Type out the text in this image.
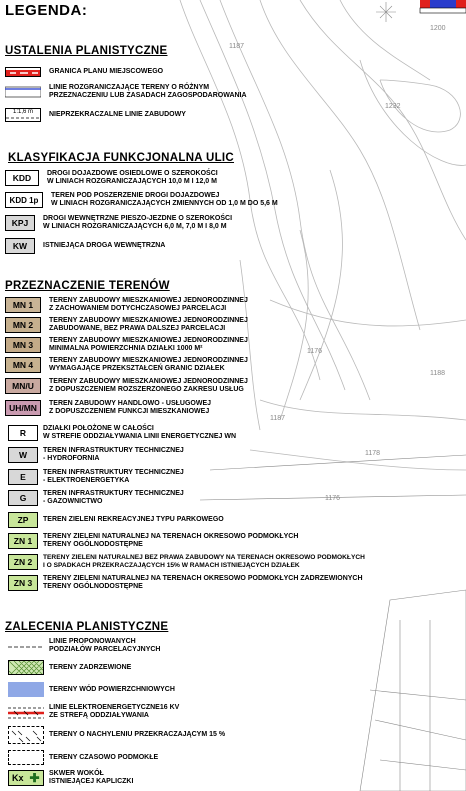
1187
1200
1232
1176
1176
1178
1187
1188
LEGENDA:
USTALENIA PLANISTYCZNE
GRANICA PLANU MIEJSCOWEGO
LINIE ROZGRANICZAJĄCE TERENY O RÓŻNYM
PRZEZNACZENIU LUB ZASADACH ZAGOSPODAROWANIA
1:1,6 m NIEPRZEKRACZALNE LINIE ZABUDOWY
KLASYFIKACJA FUNKCJONALNA ULIC
KDD	DROGI DOJAZDOWE OSIEDLOWE O SZEROKOŚCI
W LINIACH ROZGRANICZAJĄCYCH 10,0 M I 12,0 M
KDD 1p	TEREN POD POSZERZENIE DROGI DOJAZDOWEJ
W LINIACH ROZGRANICZAJĄCYCH ZMIENNYCH OD 1,0 M DO 5,6 M
KPJ	DROGI WEWNĘTRZNE PIESZO-JEZDNE O SZEROKOŚCI
W LINIACH ROZGRANICZAJĄCYCH 6,0 M, 7,0 M I 8,0 M
KW	ISTNIEJĄCA DROGA WEWNĘTRZNA
PRZEZNACZENIE TERENÓW
MN 1	TERENY ZABUDOWY MIESZKANIOWEJ JEDNORODZINNEJ
Z ZACHOWANIEM DOTYCHCZASOWEJ PARCELACJI
MN 2	TERENY ZABUDOWY MIESZKANIOWEJ JEDNORODZINNEJ
ZABUDOWANE, BEZ PRAWA DALSZEJ PARCELACJI
MN 3	TERENY ZABUDOWY MIESZKANIOWEJ JEDNORODZINNEJ
MINIMALNA POWIERZCHNIA DZIAŁKI 1000 M²
MN 4	TERENY ZABUDOWY MIESZKANIOWEJ JEDNORODZINNEJ
WYMAGAJĄCE PRZEKSZTAŁCEŃ GRANIC DZIAŁEK
MN/U	TERENY ZABUDOWY MIESZKANIOWEJ JEDNORODZINNEJ
Z DOPUSZCZENIEM ROZSZERZONEGO ZAKRESU USŁUG
UH/MN	TEREN ZABUDOWY HANDLOWO - USŁUGOWEJ
Z DOPUSZCZENIEM FUNKCJI MIESZKANIOWEJ
R	DZIAŁKI POŁOŻONE W CAŁOŚCI
W STREFIE ODDZIAŁYWANIA LINII ENERGETYCZNEJ WN
W	TEREN INFRASTRUKTURY TECHNICZNEJ
- HYDROFORNIA
E	TEREN INFRASTRUKTURY TECHNICZNEJ
- ELEKTROENERGETYKA
G	TEREN INFRASTRUKTURY TECHNICZNEJ
- GAZOWNICTWO
ZP	TEREN ZIELENI REKREACYJNEJ TYPU PARKOWEGO
ZN 1	TERENY ZIELENI NATURALNEJ NA TERENACH OKRESOWO PODMOKŁYCH
TERENY OGÓLNODOSTĘPNE
ZN 2	TERENY ZIELENI NATURALNEJ BEZ PRAWA ZABUDOWY NA TERENACH OKRESOWO PODMOKŁYCH
I O SPADKACH PRZEKRACZAJĄCYCH 15% W RAMACH ISTNIEJĄCYCH DZIAŁEK
ZN 3	TERENY ZIELENI NATURALNEJ NA TERENACH OKRESOWO PODMOKŁYCH ZADRZEWIONYCH
TERENY OGÓLNODOSTĘPNE
ZALECENIA PLANISTYCZNE
LINIE PROPONOWANYCH
PODZIAŁÓW PARCELACYJNYCH
TERENY ZADRZEWIONE
TERENY WÓD POWIERZCHNIOWYCH
LINIE ELEKTROENERGETYCZNE16 KV
ZE STREFĄ ODDZIAŁYWANIA
TERENY O NACHYLENIU PRZEKRACZAJĄCYM 15 %
TERENY CZASOWO PODMOKŁE
Kx ✚ SKWER WOKÓŁ
ISTNIEJĄCEJ KAPLICZKI
